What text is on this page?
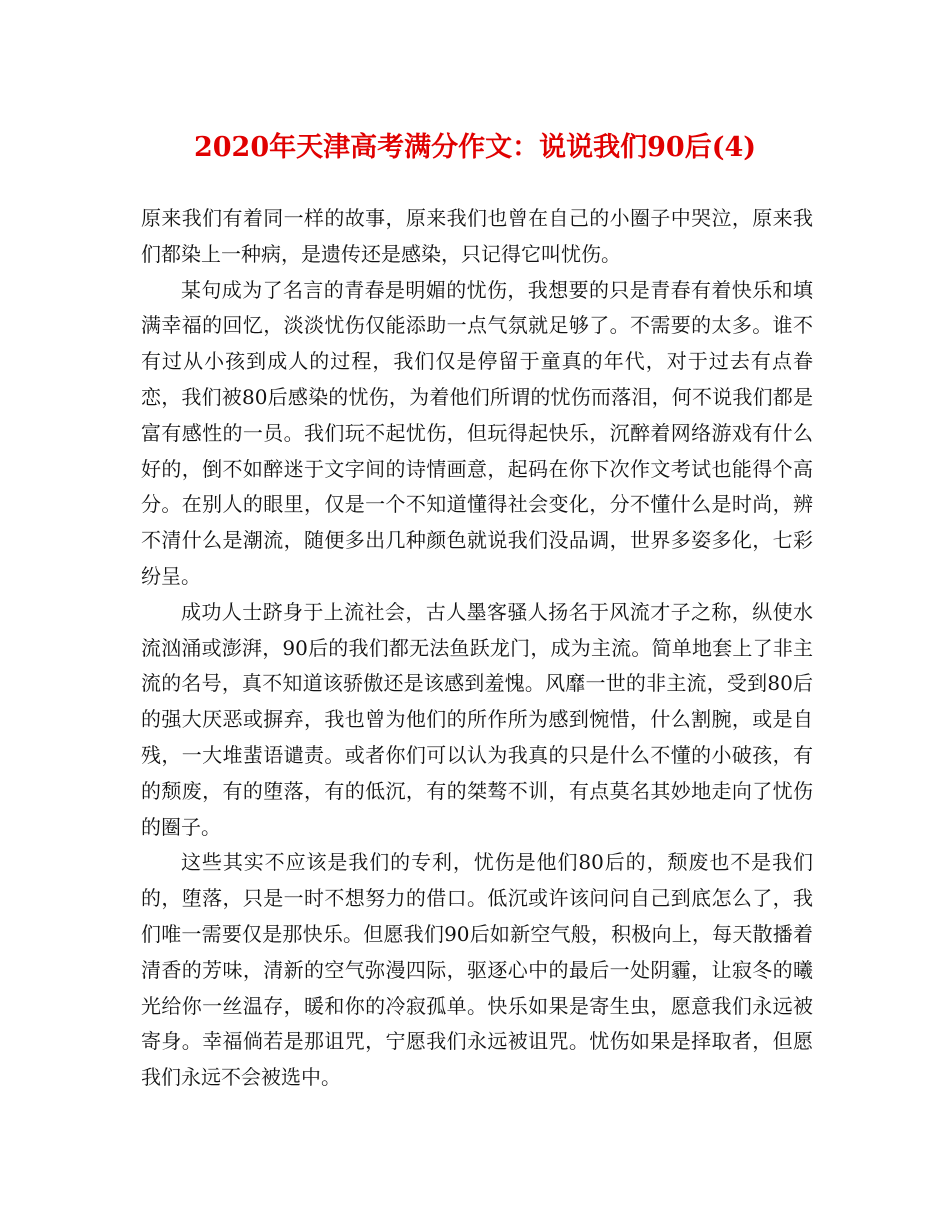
2020年天津高考满分作文：说说我们90后(4)

原来我们有着同一样的故事，原来我们也曾在自己的小圈子中哭泣，原来我们都染上一种病，是遗传还是感染，只记得它叫忧伤。

某句成为了名言的青春是明媚的忧伤，我想要的只是青春有着快乐和填满幸福的回忆，淡淡忧伤仅能添助一点气氛就足够了。不需要的太多。谁不有过从小孩到成人的过程，我们仅是停留于童真的年代，对于过去有点眷恋，我们被80后感染的忧伤，为着他们所谓的忧伤而落泪，何不说我们都是富有感性的一员。我们玩不起忧伤，但玩得起快乐，沉醉着网络游戏有什么好的，倒不如醉迷于文字间的诗情画意，起码在你下次作文考试也能得个高分。在别人的眼里，仅是一个不知道懂得社会变化，分不懂什么是时尚，辨不清什么是潮流，随便多出几种颜色就说我们没品调，世界多姿多化，七彩纷呈。

成功人士跻身于上流社会，古人墨客骚人扬名于风流才子之称，纵使水流汹涌或澎湃，90后的我们都无法鱼跃龙门，成为主流。简单地套上了非主流的名号，真不知道该骄傲还是该感到羞愧。风靡一世的非主流，受到80后的强大厌恶或摒弃，我也曾为他们的所作所为感到惋惜，什么割腕，或是自残，一大堆蜚语谴责。或者你们可以认为我真的只是什么不懂的小破孩，有的颓废，有的堕落，有的低沉，有的桀骜不训，有点莫名其妙地走向了忧伤的圈子。

这些其实不应该是我们的专利，忧伤是他们80后的，颓废也不是我们的，堕落，只是一时不想努力的借口。低沉或许该问问自己到底怎么了，我们唯一需要仅是那快乐。但愿我们90后如新空气般，积极向上，每天散播着清香的芳味，清新的空气弥漫四际，驱逐心中的最后一处阴霾，让寂冬的曦光给你一丝温存，暖和你的冷寂孤单。快乐如果是寄生虫，愿意我们永远被寄身。幸福倘若是那诅咒，宁愿我们永远被诅咒。忧伤如果是择取者，但愿我们永远不会被选中。
